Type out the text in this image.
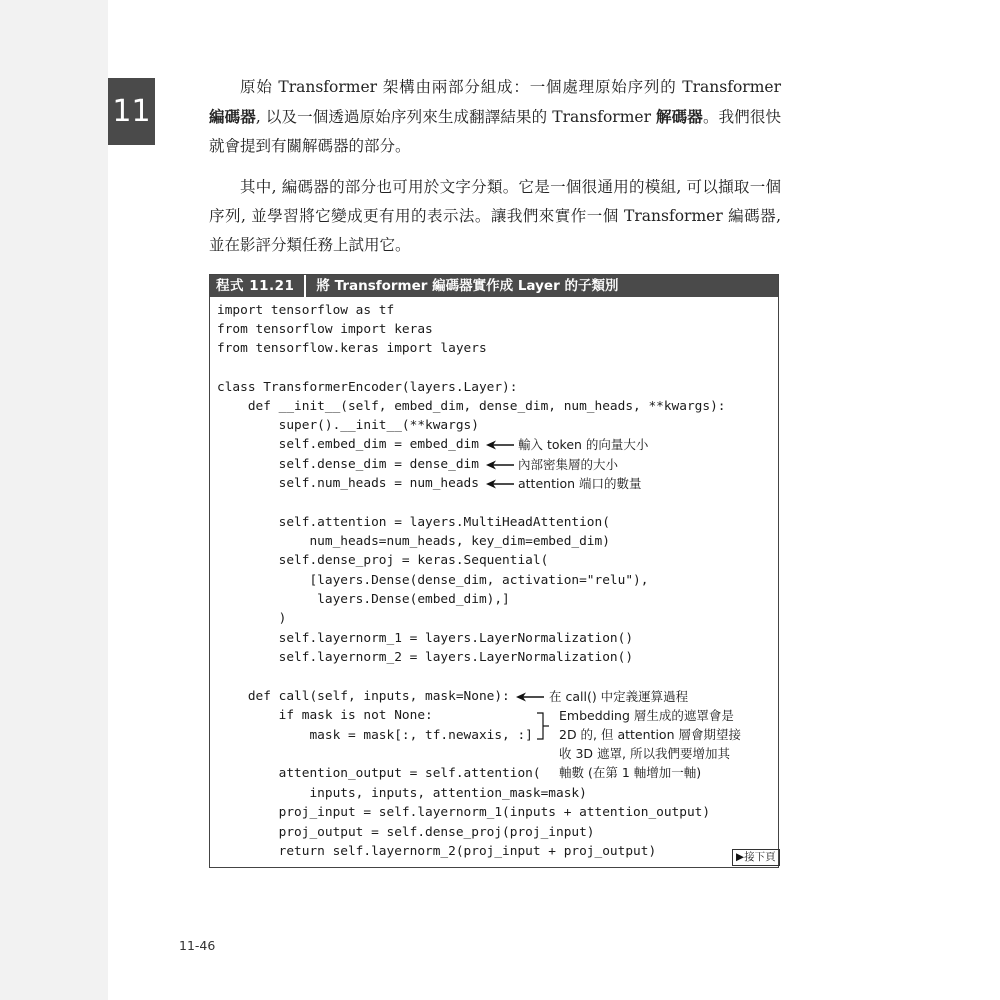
11

原始 Transformer 架構由兩部分組成：一個處理原始序列的 Transformer 編碼器, 以及一個透過原始序列來生成翻譯結果的 Transformer 解碼器。我們很快就會提到有關解碼器的部分。

其中, 編碼器的部分也可用於文字分類。它是一個很通用的模組, 可以擷取一個序列, 並學習將它變成更有用的表示法。讓我們來實作一個 Transformer 編碼器, 並在影評分類任務上試用它。

程式 11.21 將 Transformer 編碼器實作成 Layer 的子類別
import tensorflow as tf
from tensorflow import keras
from tensorflow.keras import layers
class TransformerEncoder(layers.Layer):
def __init__(self, embed_dim, dense_dim, num_heads, **kwargs):
super().__init__(**kwargs)
self.embed_dim = embed_dim
self.dense_dim = dense_dim
self.num_heads = num_heads
self.attention = layers.MultiHeadAttention(
num_heads=num_heads, key_dim=embed_dim)
self.dense_proj = keras.Sequential(
[layers.Dense(dense_dim, activation="relu"),
layers.Dense(embed_dim),]
)
self.layernorm_1 = layers.LayerNormalization()
self.layernorm_2 = layers.LayerNormalization()
def call(self, inputs, mask=None):
if mask is not None:
mask = mask[:, tf.newaxis, :]
attention_output = self.attention(
inputs, inputs, attention_mask=mask)
proj_input = self.layernorm_1(inputs + attention_output)
proj_output = self.dense_proj(proj_input)
return self.layernorm_2(proj_input + proj_output)
輸入 token 的向量大小
內部密集層的大小
attention 端口的數量
在 call() 中定義運算過程
Embedding 層生成的遮罩會是
2D 的, 但 attention 層會期望接
收 3D 遮罩, 所以我們要增加其
軸數 (在第 1 軸增加一軸)
▶接下頁
11-46
